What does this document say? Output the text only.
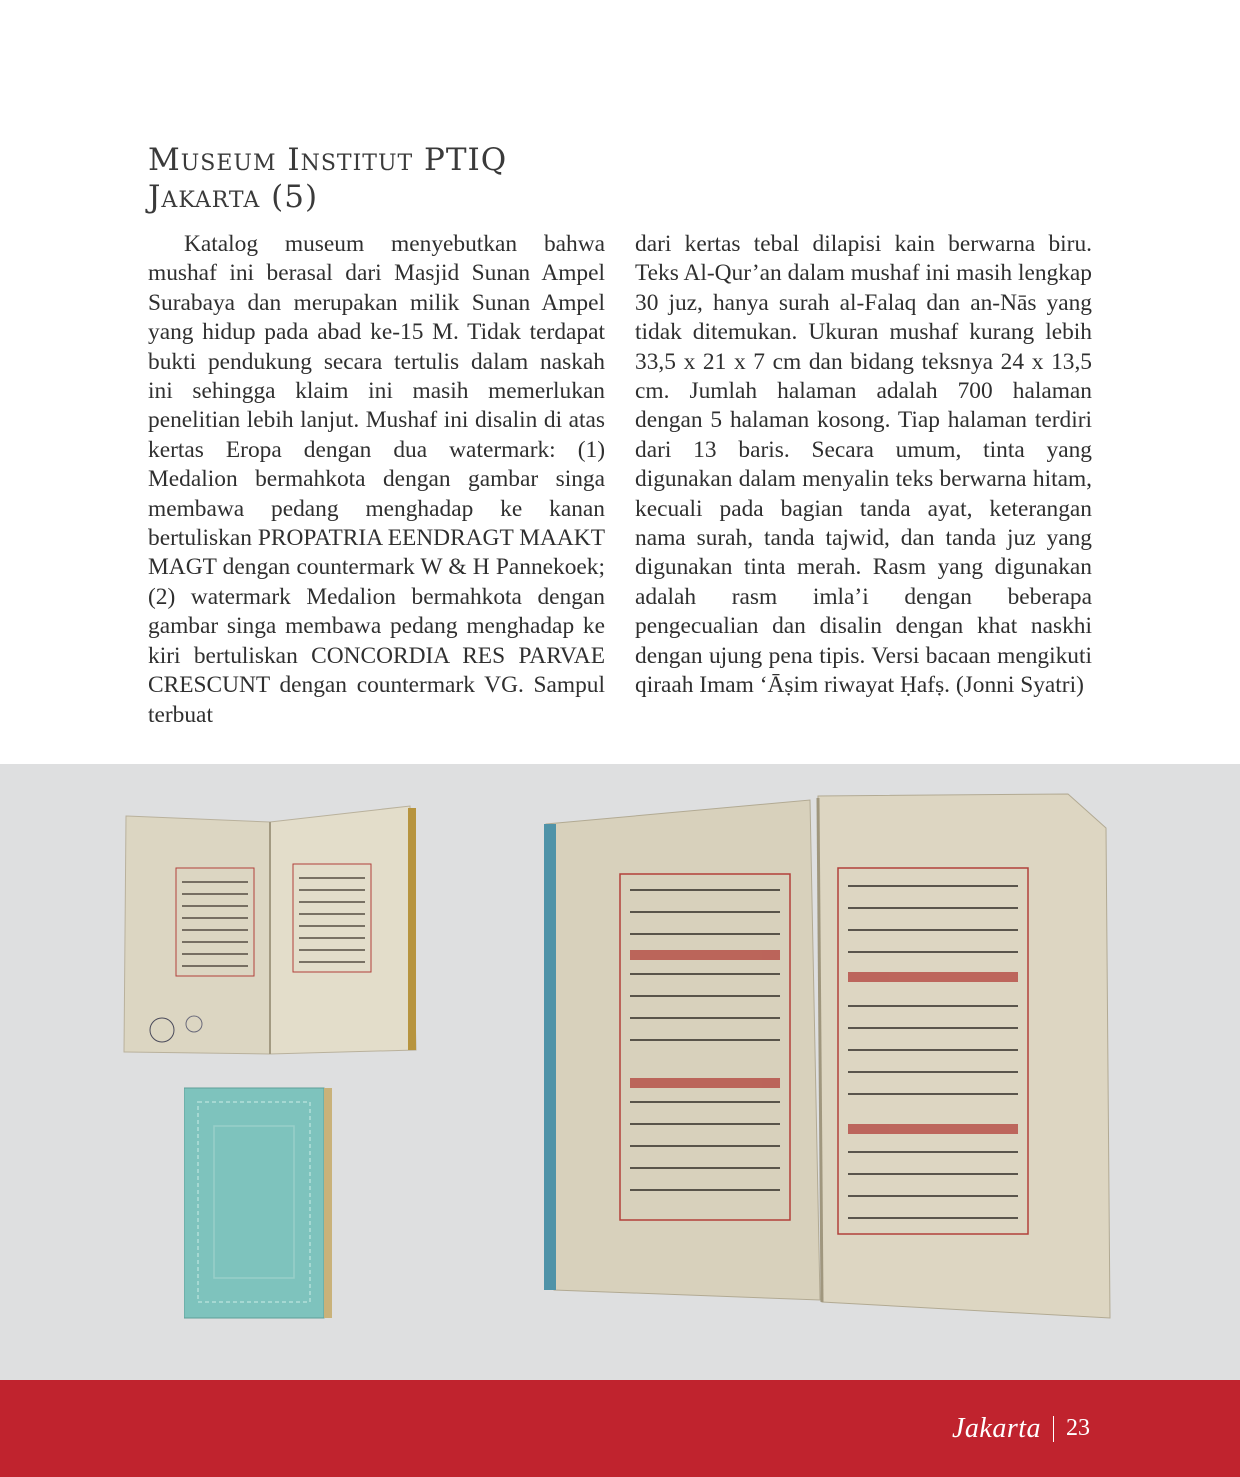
Museum Institut PTIQ
Jakarta (5)

Katalog museum menyebutkan bahwa mushaf ini berasal dari Masjid Sunan Ampel Surabaya dan merupakan milik Sunan Ampel yang hidup pada abad ke-15 M. Tidak terdapat bukti pendukung secara tertulis dalam naskah ini sehingga klaim ini masih memerlukan penelitian lebih lanjut. Mushaf ini disalin di atas kertas Eropa dengan dua watermark: (1) Medalion bermahkota dengan gambar singa membawa pedang menghadap ke kanan bertuliskan PROPATRIA EENDRAGT MAAKT MAGT dengan countermark W & H Pannekoek; (2) watermark Medalion bermahkota dengan gambar singa membawa pedang menghadap ke kiri bertuliskan CONCORDIA RES PARVAE CRESCUNT dengan countermark VG. Sampul terbuat

dari kertas tebal dilapisi kain berwarna biru. Teks Al-Qur’an dalam mushaf ini masih lengkap 30 juz, hanya surah al-Falaq dan an-Nās yang tidak ditemukan. Ukuran mushaf kurang lebih 33,5 x 21 x 7 cm dan bidang teksnya 24 x 13,5 cm. Jumlah halaman adalah 700 halaman dengan 5 halaman kosong. Tiap halaman terdiri dari 13 baris. Secara umum, tinta yang digunakan dalam menyalin teks berwarna hitam, kecuali pada bagian tanda ayat, keterangan nama surah, tanda tajwid, dan tanda juz yang digunakan tinta merah. Rasm yang digunakan adalah rasm imla’i dengan beberapa pengecualian dan disalin dengan khat naskhi dengan ujung pena tipis. Versi bacaan mengikuti qiraah Imam ‘Āṣim riwayat Ḥafṣ. (Jonni Syatri)

Jakarta 23
